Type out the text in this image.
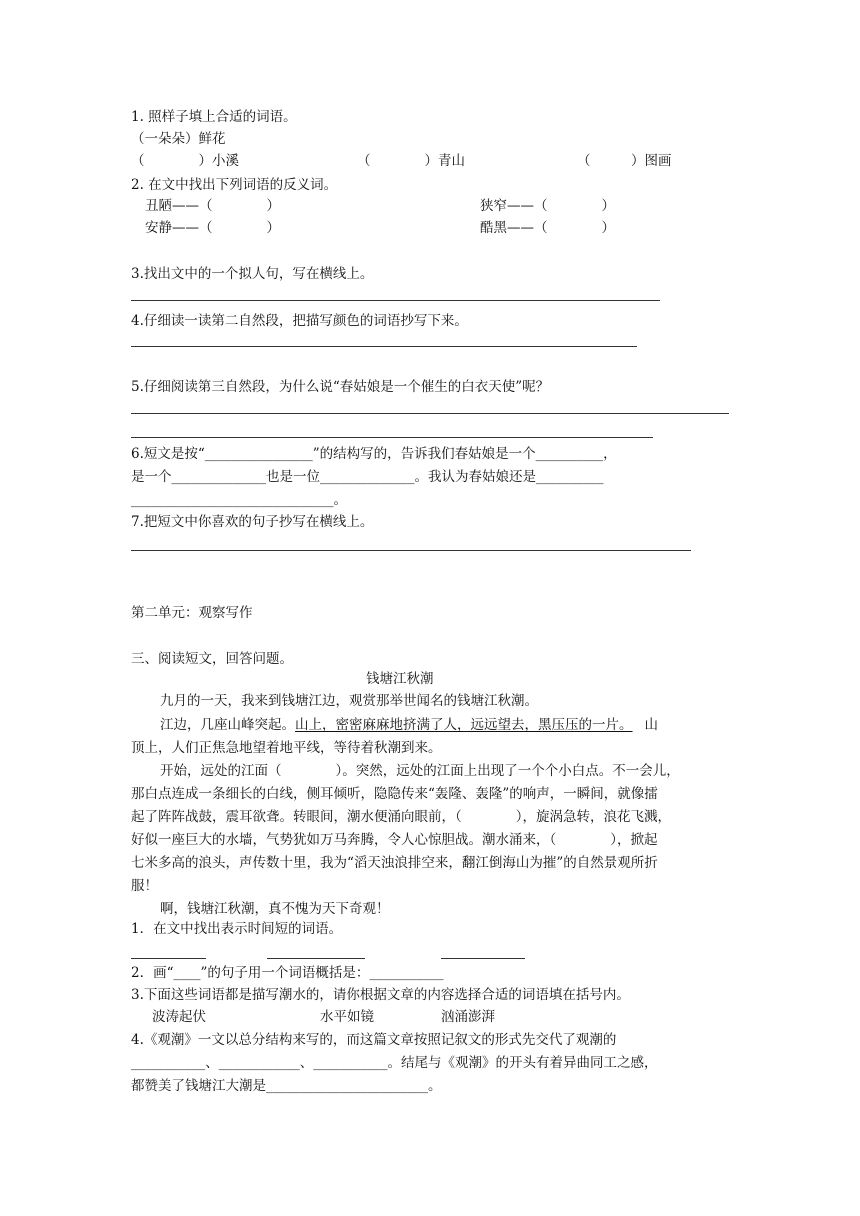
1. 照样子填上合适的词语。
（一朵朵）鲜花
（　　　　）小溪	（　　　　）青山	（　　　）图画
2. 在文中找出下列词语的反义词。
丑陋——（　　　　）	狭窄——（　　　　）
安静——（　　　　）	酷黑——（　　　　）
3.找出文中的一个拟人句，写在横线上。
4.仔细读一读第二自然段，把描写颜色的词语抄写下来。
5.仔细阅读第三自然段，为什么说“春姑娘是一个催生的白衣天使”呢？
6.短文是按“________________”的结构写的，告诉我们春姑娘是一个__________，
是一个______________也是一位______________。我认为春姑娘还是__________
______________________________。
7.把短文中你喜欢的句子抄写在横线上。
第二单元：观察写作
三、阅读短文，回答问题。
钱塘江秋潮
九月的一天，我来到钱塘江边，观赏那举世闻名的钱塘江秋潮。
江边，几座山峰突起。山上，密密麻麻地挤满了人，远远望去，黑压压的一片。 山
顶上，人们正焦急地望着地平线，等待着秋潮到来。
开始，远处的江面（　　　　）。突然，远处的江面上出现了一个个小白点。不一会儿，
那白点连成一条细长的白线，侧耳倾听，隐隐传来“轰隆、轰隆”的响声，一瞬间，就像擂
起了阵阵战鼓，震耳欲聋。转眼间，潮水便涌向眼前，（　　　　），旋涡急转，浪花飞溅，
好似一座巨大的水墙，气势犹如万马奔腾，令人心惊胆战。潮水涌来，（　　　　），掀起
七米多高的浪头，声传数十里，我为“滔天浊浪排空来，翻江倒海山为摧”的自然景观所折
服！
啊，钱塘江秋潮，真不愧为天下奇观！
1．在文中找出表示时间短的词语。
2．画“____”的句子用一个词语概括是：___________
3.下面这些词语都是描写潮水的，请你根据文章的内容选择合适的词语填在括号内。
波涛起伏	水平如镜	汹涌澎湃
4.《观潮》一文以总分结构来写的，而这篇文章按照记叙文的形式先交代了观潮的
___________、____________、___________。结尾与《观潮》的开头有着异曲同工之感，
都赞美了钱塘江大潮是________________________。
